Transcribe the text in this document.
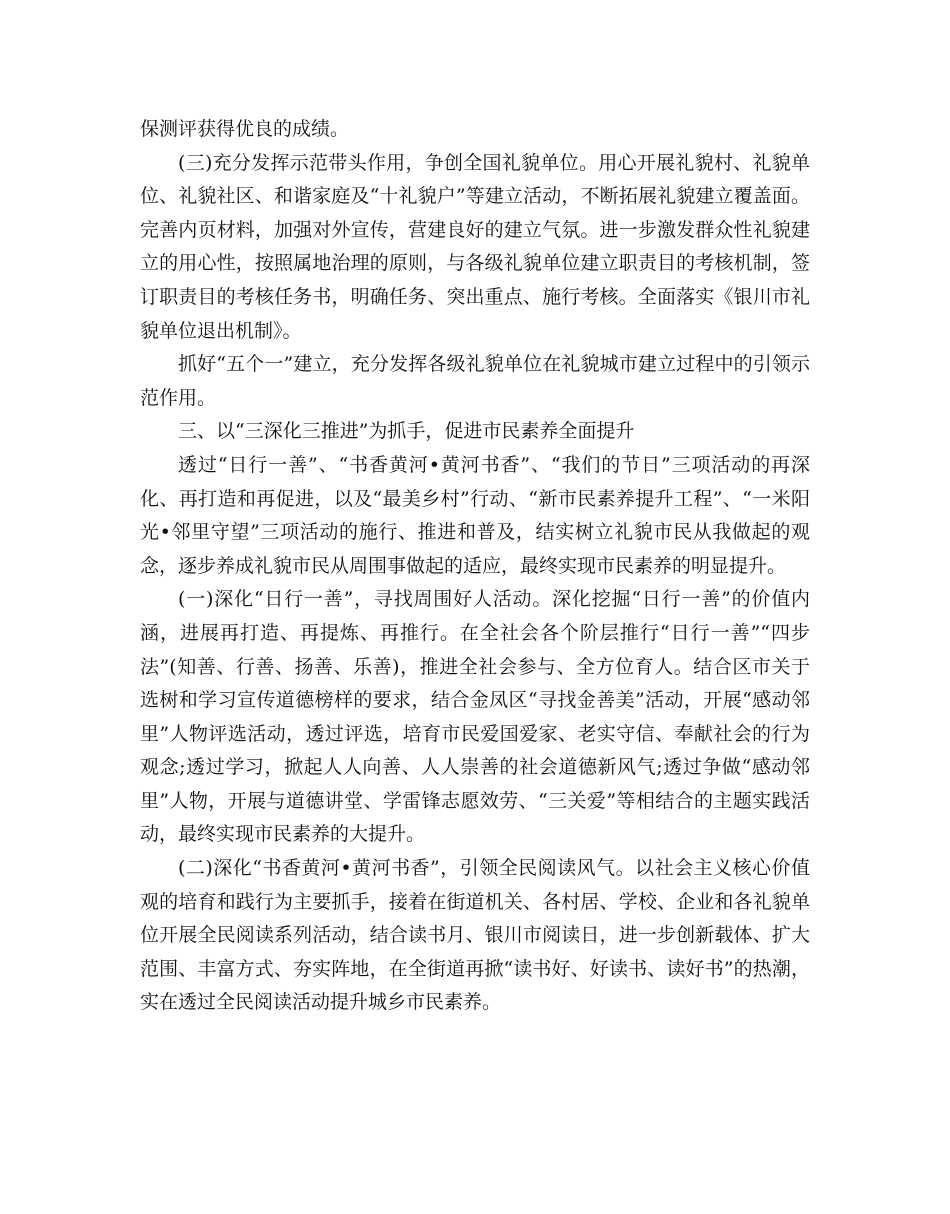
保测评获得优良的成绩。

(三)充分发挥示范带头作用，争创全国礼貌单位。用心开展礼貌村、礼貌单位、礼貌社区、和谐家庭及“十礼貌户”等建立活动，不断拓展礼貌建立覆盖面。完善内页材料，加强对外宣传，营建良好的建立气氛。进一步激发群众性礼貌建立的用心性，按照属地治理的原则，与各级礼貌单位建立职责目的考核机制，签订职责目的考核任务书，明确任务、突出重点、施行考核。全面落实《银川市礼貌单位退出机制》。

抓好“五个一”建立，充分发挥各级礼貌单位在礼貌城市建立过程中的引领示范作用。

三、以“三深化三推进”为抓手，促进市民素养全面提升

透过“日行一善”、“书香黄河•黄河书香”、“我们的节日”三项活动的再深化、再打造和再促进，以及“最美乡村”行动、“新市民素养提升工程”、“一米阳光•邻里守望”三项活动的施行、推进和普及，结实树立礼貌市民从我做起的观念，逐步养成礼貌市民从周围事做起的适应，最终实现市民素养的明显提升。

(一)深化“日行一善”，寻找周围好人活动。深化挖掘“日行一善”的价值内涵，进展再打造、再提炼、再推行。在全社会各个阶层推行“日行一善”“四步法”(知善、行善、扬善、乐善)，推进全社会参与、全方位育人。结合区市关于选树和学习宣传道德榜样的要求，结合金凤区“寻找金善美”活动，开展“感动邻里”人物评选活动，透过评选，培育市民爱国爱家、老实守信、奉献社会的行为观念;透过学习，掀起人人向善、人人崇善的社会道德新风气;透过争做“感动邻里”人物，开展与道德讲堂、学雷锋志愿效劳、“三关爱”等相结合的主题实践活动，最终实现市民素养的大提升。

(二)深化“书香黄河•黄河书香”，引领全民阅读风气。以社会主义核心价值观的培育和践行为主要抓手，接着在街道机关、各村居、学校、企业和各礼貌单位开展全民阅读系列活动，结合读书月、银川市阅读日，进一步创新载体、扩大范围、丰富方式、夯实阵地，在全街道再掀“读书好、好读书、读好书”的热潮，实在透过全民阅读活动提升城乡市民素养。
